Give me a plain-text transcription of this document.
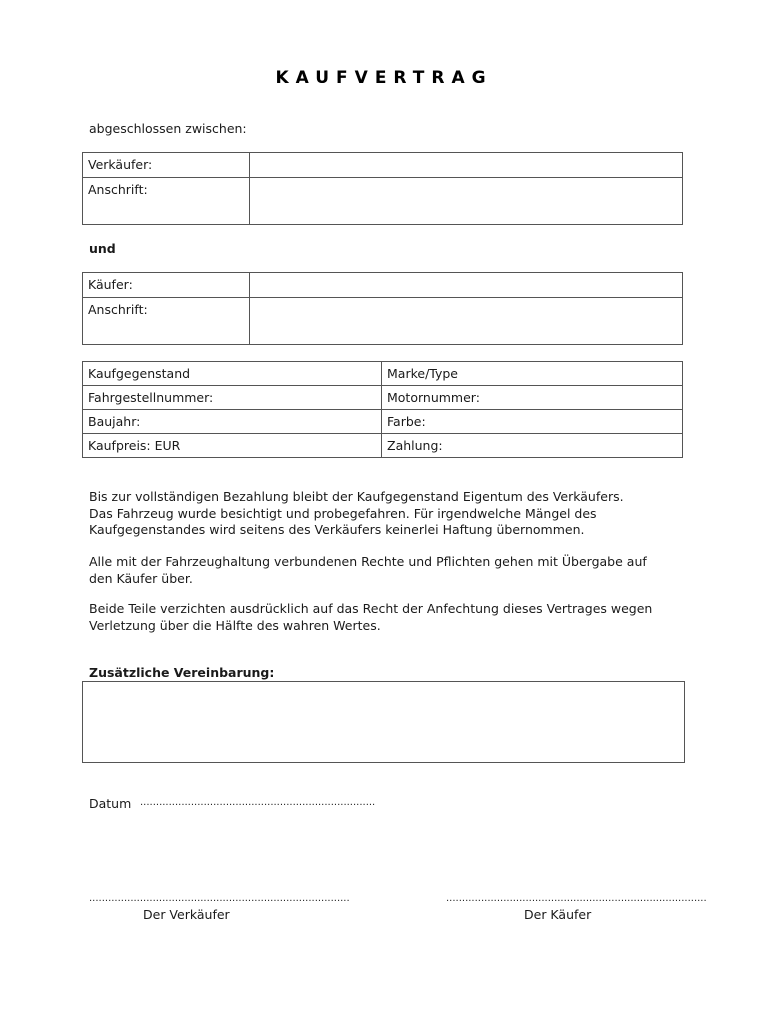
KAUFVERTRAG
abgeschlossen zwischen:
Verkäufer:	
Anschrift:	
und
Käufer:	
Anschrift:	
Kaufgegenstand	Marke/Type
Fahrgestellnummer:	Motornummer:
Baujahr:	Farbe:
Kaufpreis: EUR	Zahlung:
Bis zur vollständigen Bezahlung bleibt der Kaufgegenstand Eigentum des Verkäufers.
Das Fahrzeug wurde besichtigt und probegefahren. Für irgendwelche Mängel des
Kaufgegenstandes wird seitens des Verkäufers keinerlei Haftung übernommen.
Alle mit der Fahrzeughaltung verbundenen Rechte und Pflichten gehen mit Übergabe auf
den Käufer über.
Beide Teile verzichten ausdrücklich auf das Recht der Anfechtung dieses Vertrages wegen
Verletzung über die Hälfte des wahren Wertes.
Zusätzliche Vereinbarung:
Datum ..........................................................................
..................................................................................	..................................................................................
Der Verkäufer	Der Käufer
